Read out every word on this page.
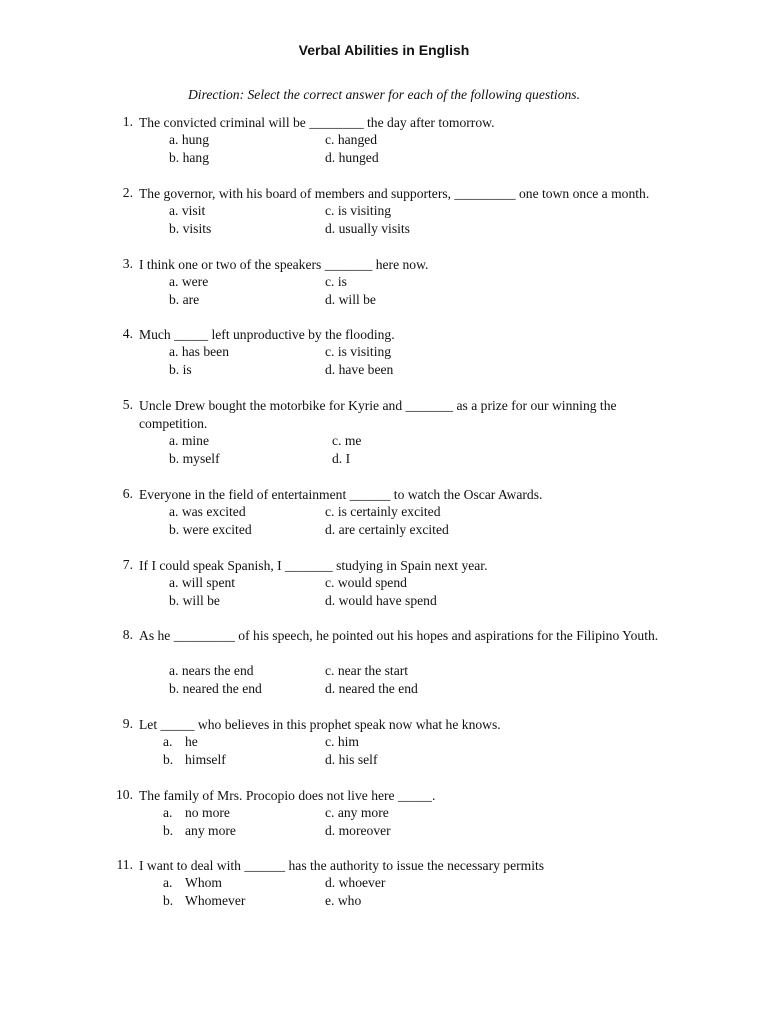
Verbal Abilities in English
Direction: Select the correct answer for each of the following questions.
1. The convicted criminal will be ________ the day after tomorrow.
a. hung	c. hanged
b. hang	d. hunged
2. The governor, with his board of members and supporters, _________ one town once a month.
a. visit	c. is visiting
b. visits	d. usually visits
3. I think one or two of the speakers _______ here now.
a. were	c. is
b. are	d. will be
4. Much _____ left unproductive by the flooding.
a. has been	c. is visiting
b. is	d. have been
5. Uncle Drew bought the motorbike for Kyrie and _______ as a prize for our winning the competition.
a. mine	c. me
b. myself	d. I
6. Everyone in the field of entertainment ______ to watch the Oscar Awards.
a. was excited	c. is certainly excited
b. were excited	d. are certainly excited
7. If I could speak Spanish, I _______ studying in Spain next year.
a. will spent	c. would spend
b. will be	d. would have spend
8. As he _________ of his speech, he pointed out his hopes and aspirations for the Filipino Youth.
a. nears the end	c. near the start
b. neared the end	d. neared the end
9. Let _____ who believes in this prophet speak now what he knows.
a. he	c. him
b. himself	d. his self
10. The family of Mrs. Procopio does not live here _____.
a. no more	c. any more
b. any more	d. moreover
11. I want to deal with ______ has the authority to issue the necessary permits
a. Whom	d. whoever
b. Whomever	e. who
